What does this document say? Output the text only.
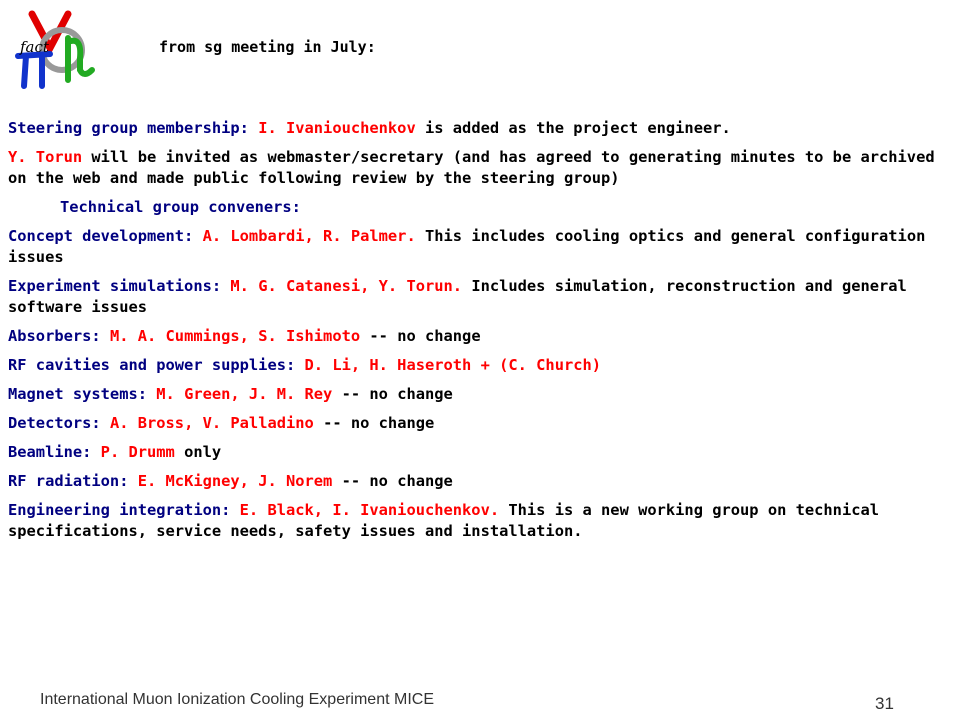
fact	from sg meeting in July:

Steering group membership: I. Ivaniouchenkov is added as the project engineer.

Y. Torun will be invited as webmaster/secretary (and has agreed to generating minutes to be archived on the web and made public following review by the steering group)

Technical group conveners:

Concept development: A. Lombardi, R. Palmer. This includes cooling optics and general configuration issues

Experiment simulations: M. G. Catanesi, Y. Torun. Includes simulation, reconstruction and general software issues

Absorbers: M. A. Cummings, S. Ishimoto -- no change

RF cavities and power supplies: D. Li, H. Haseroth + (C. Church)

Magnet systems: M. Green, J. M. Rey -- no change

Detectors: A. Bross, V. Palladino -- no change

Beamline: P. Drumm only

RF radiation: E. McKigney, J. Norem -- no change

Engineering integration: E. Black, I. Ivaniouchenkov. This is a new working group on technical specifications, service needs, safety issues and installation.

International Muon Ionization Cooling Experiment MICE	31
